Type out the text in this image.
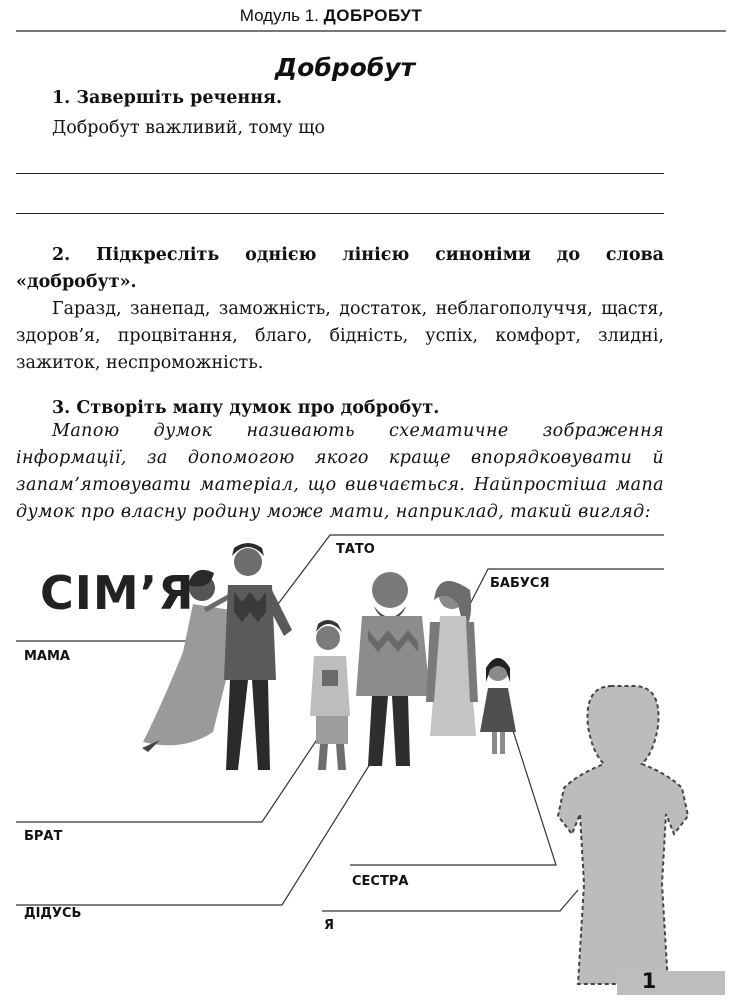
Модуль 1. ДОБРОБУТ
Добробут
1. Завершіть речення.
Добробут важливий, тому що
2. Підкресліть однією лінією синоніми до слова «добробут».
Гаразд, занепад, заможність, достаток, неблагополуччя, щастя, здоров’я, процвітання, благо, бідність, успіх, комфорт, злидні, зажиток, неспроможність.
3. Створіть мапу думок про добробут.
Мапою думок називають схематичне зображення інформації, за допомогою якого краще впорядковувати й запам’ятовувати матеріал, що вивчається. Найпростіша мапа думок про власну родину може мати, наприклад, такий вигляд:
СІМ’Я
ТАТО
БАБУСЯ
МАМА
БРАТ
СЕСТРА
ДІДУСЬ
Я
1
